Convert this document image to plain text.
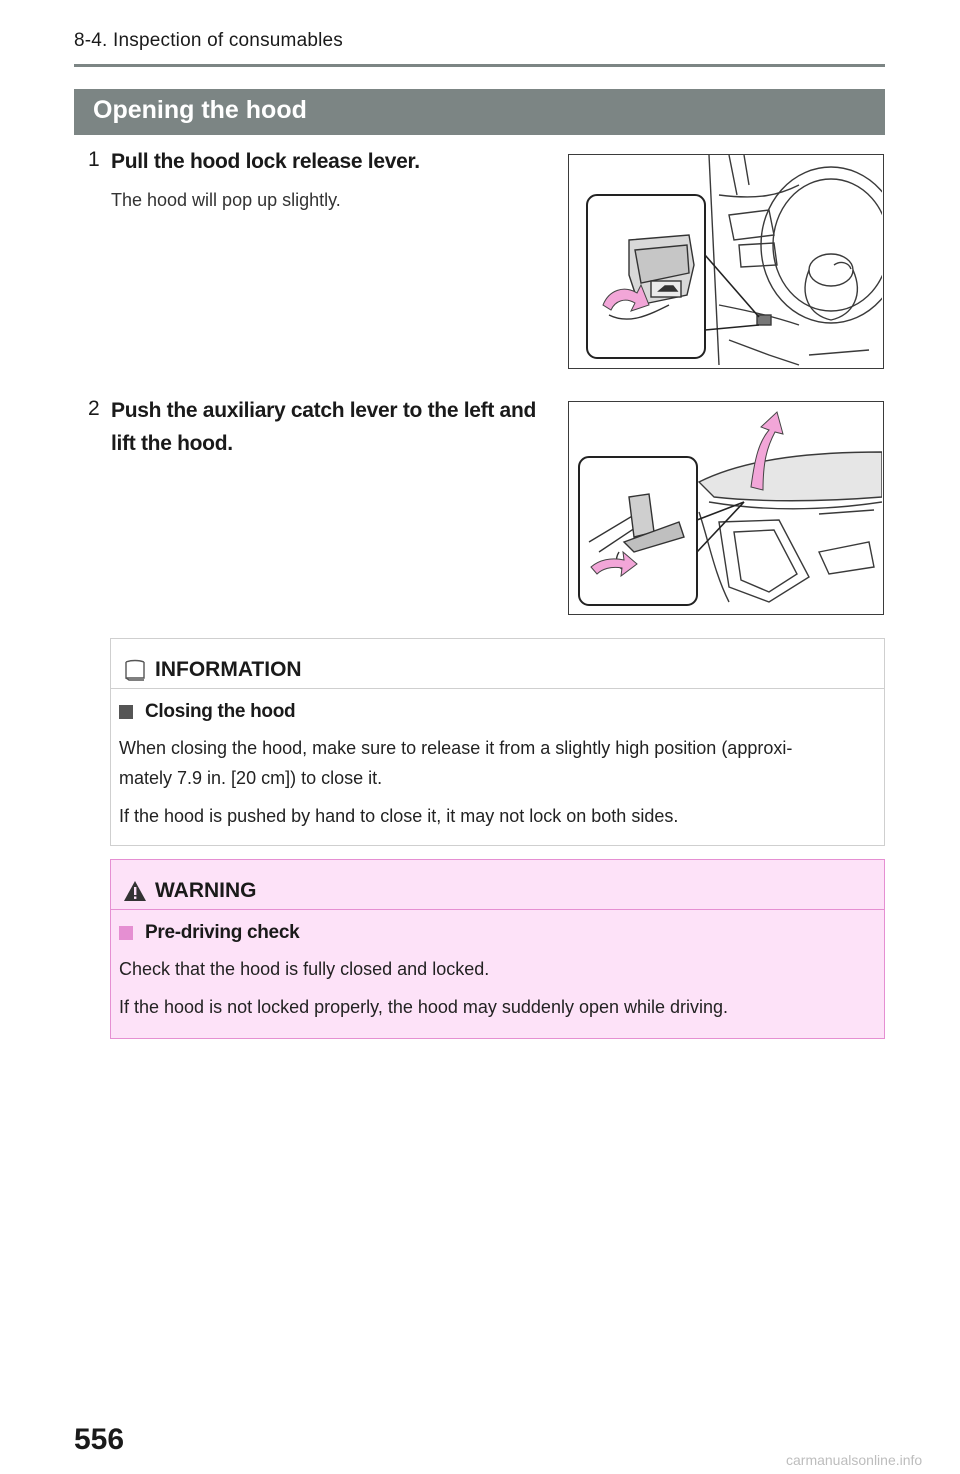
8-4. Inspection of consumables
Opening the hood
1 Pull the hood lock release lever.
The hood will pop up slightly.
2 Push the auxiliary catch lever to the left and
lift the hood.
INFORMATION
Closing the hood
When closing the hood, make sure to release it from a slightly high position (approxi-
mately 7.9 in. [20 cm]) to close it.
If the hood is pushed by hand to close it, it may not lock on both sides.
WARNING
Pre-driving check
Check that the hood is fully closed and locked.
If the hood is not locked properly, the hood may suddenly open while driving.
556
carmanualsonline.info
